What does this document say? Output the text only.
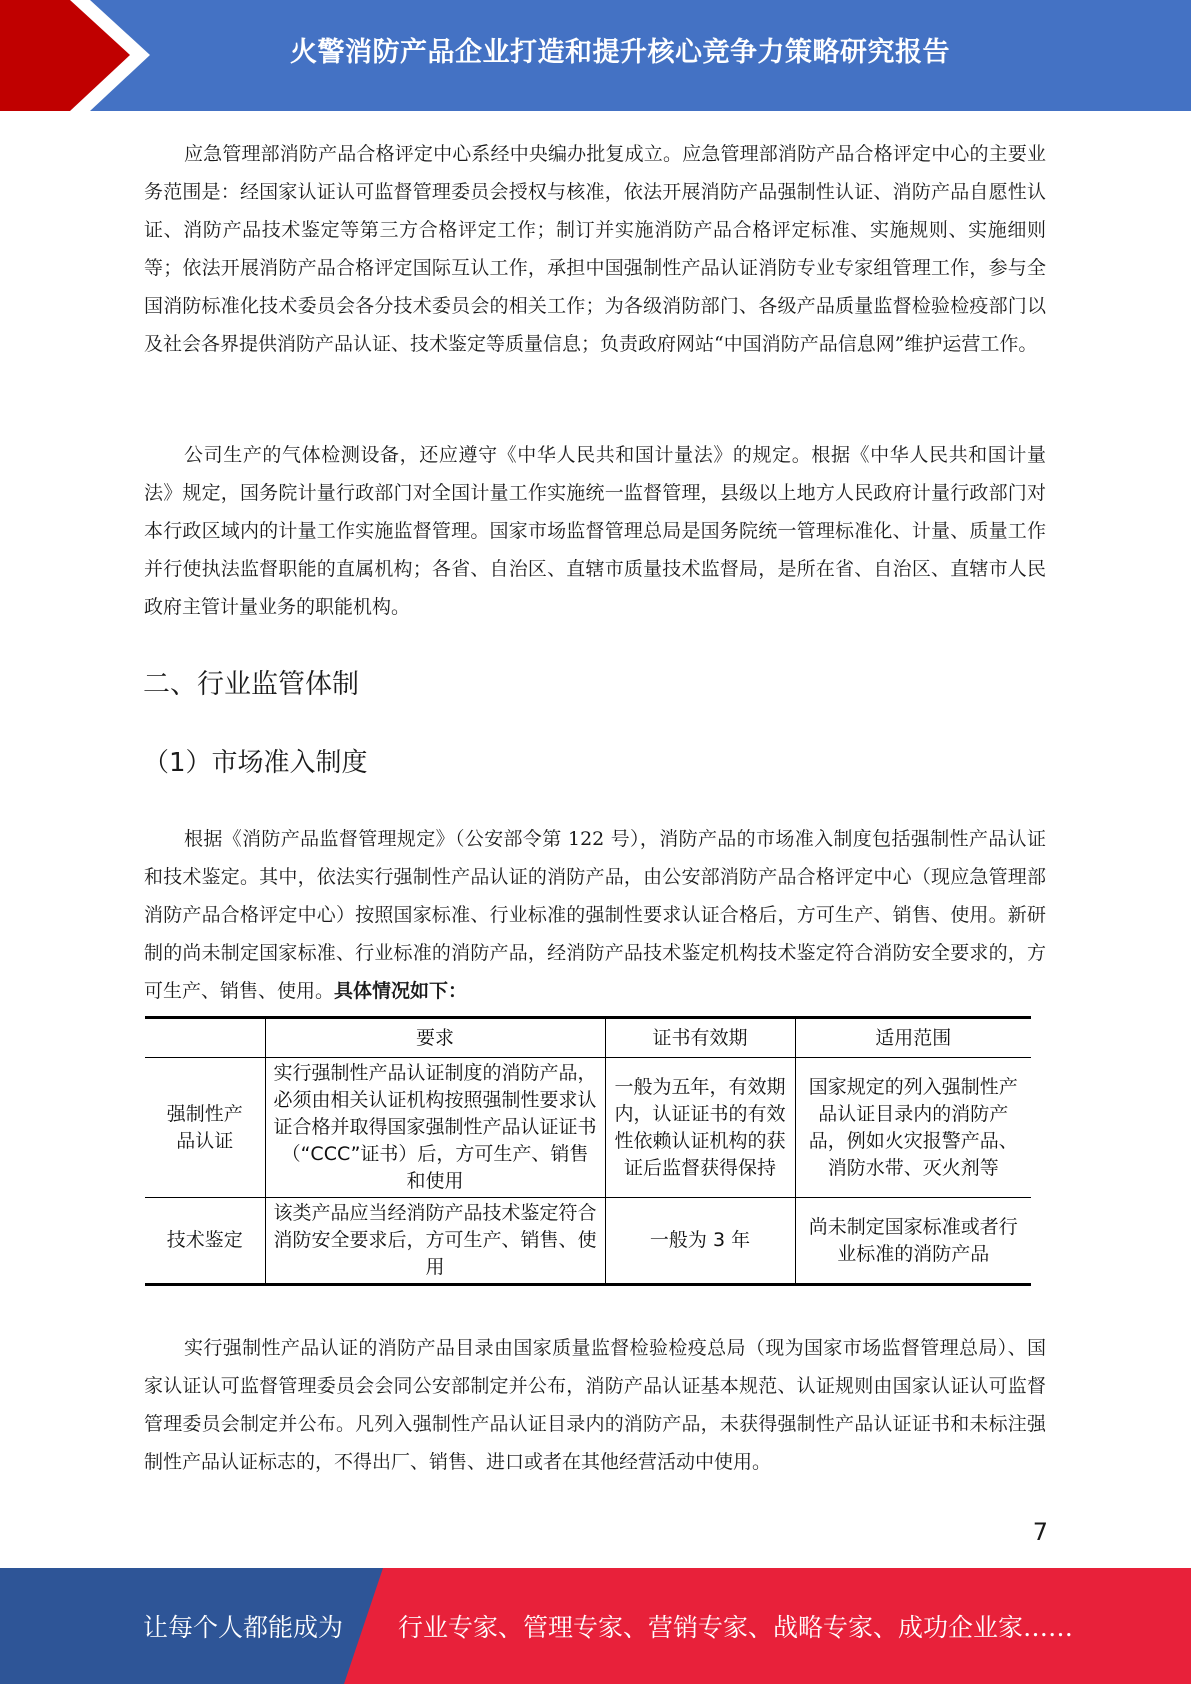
火警消防产品企业打造和提升核心竞争力策略研究报告

应急管理部消防产品合格评定中心系经中央编办批复成立。应急管理部消防产品合格评定中心的主要业务范围是：经国家认证认可监督管理委员会授权与核准，依法开展消防产品强制性认证、消防产品自愿性认证、消防产品技术鉴定等第三方合格评定工作；制订并实施消防产品合格评定标准、实施规则、实施细则等；依法开展消防产品合格评定国际互认工作，承担中国强制性产品认证消防专业专家组管理工作，参与全国消防标准化技术委员会各分技术委员会的相关工作；为各级消防部门、各级产品质量监督检验检疫部门以及社会各界提供消防产品认证、技术鉴定等质量信息；负责政府网站“中国消防产品信息网”维护运营工作。

公司生产的气体检测设备，还应遵守《中华人民共和国计量法》的规定。根据《中华人民共和国计量法》规定，国务院计量行政部门对全国计量工作实施统一监督管理，县级以上地方人民政府计量行政部门对本行政区域内的计量工作实施监督管理。国家市场监督管理总局是国务院统一管理标准化、计量、质量工作并行使执法监督职能的直属机构；各省、自治区、直辖市质量技术监督局，是所在省、自治区、直辖市人民政府主管计量业务的职能机构。

二、行业监管体制
（1）市场准入制度

根据《消防产品监督管理规定》（公安部令第 122 号），消防产品的市场准入制度包括强制性产品认证和技术鉴定。其中，依法实行强制性产品认证的消防产品，由公安部消防产品合格评定中心（现应急管理部消防产品合格评定中心）按照国家标准、行业标准的强制性要求认证合格后，方可生产、销售、使用。新研制的尚未制定国家标准、行业标准的消防产品，经消防产品技术鉴定机构技术鉴定符合消防安全要求的，方可生产、销售、使用。具体情况如下：

	要求	证书有效期	适用范围
强制性产品认证	实行强制性产品认证制度的消防产品，必须由相关认证机构按照强制性要求认证合格并取得国家强制性产品认证证书（“CCC”证书）后，方可生产、销售和使用	一般为五年，有效期内，认证证书的有效性依赖认证机构的获证后监督获得保持	国家规定的列入强制性产品认证目录内的消防产品，例如火灾报警产品、消防水带、灭火剂等
技术鉴定	该类产品应当经消防产品技术鉴定符合消防安全要求后，方可生产、销售、使用	一般为 3 年	尚未制定国家标准或者行业标准的消防产品

实行强制性产品认证的消防产品目录由国家质量监督检验检疫总局（现为国家市场监督管理总局）、国家认证认可监督管理委员会会同公安部制定并公布，消防产品认证基本规范、认证规则由国家认证认可监督管理委员会制定并公布。凡列入强制性产品认证目录内的消防产品，未获得强制性产品认证证书和未标注强制性产品认证标志的，不得出厂、销售、进口或者在其他经营活动中使用。

7
让每个人都能成为 行业专家、管理专家、营销专家、战略专家、成功企业家……
